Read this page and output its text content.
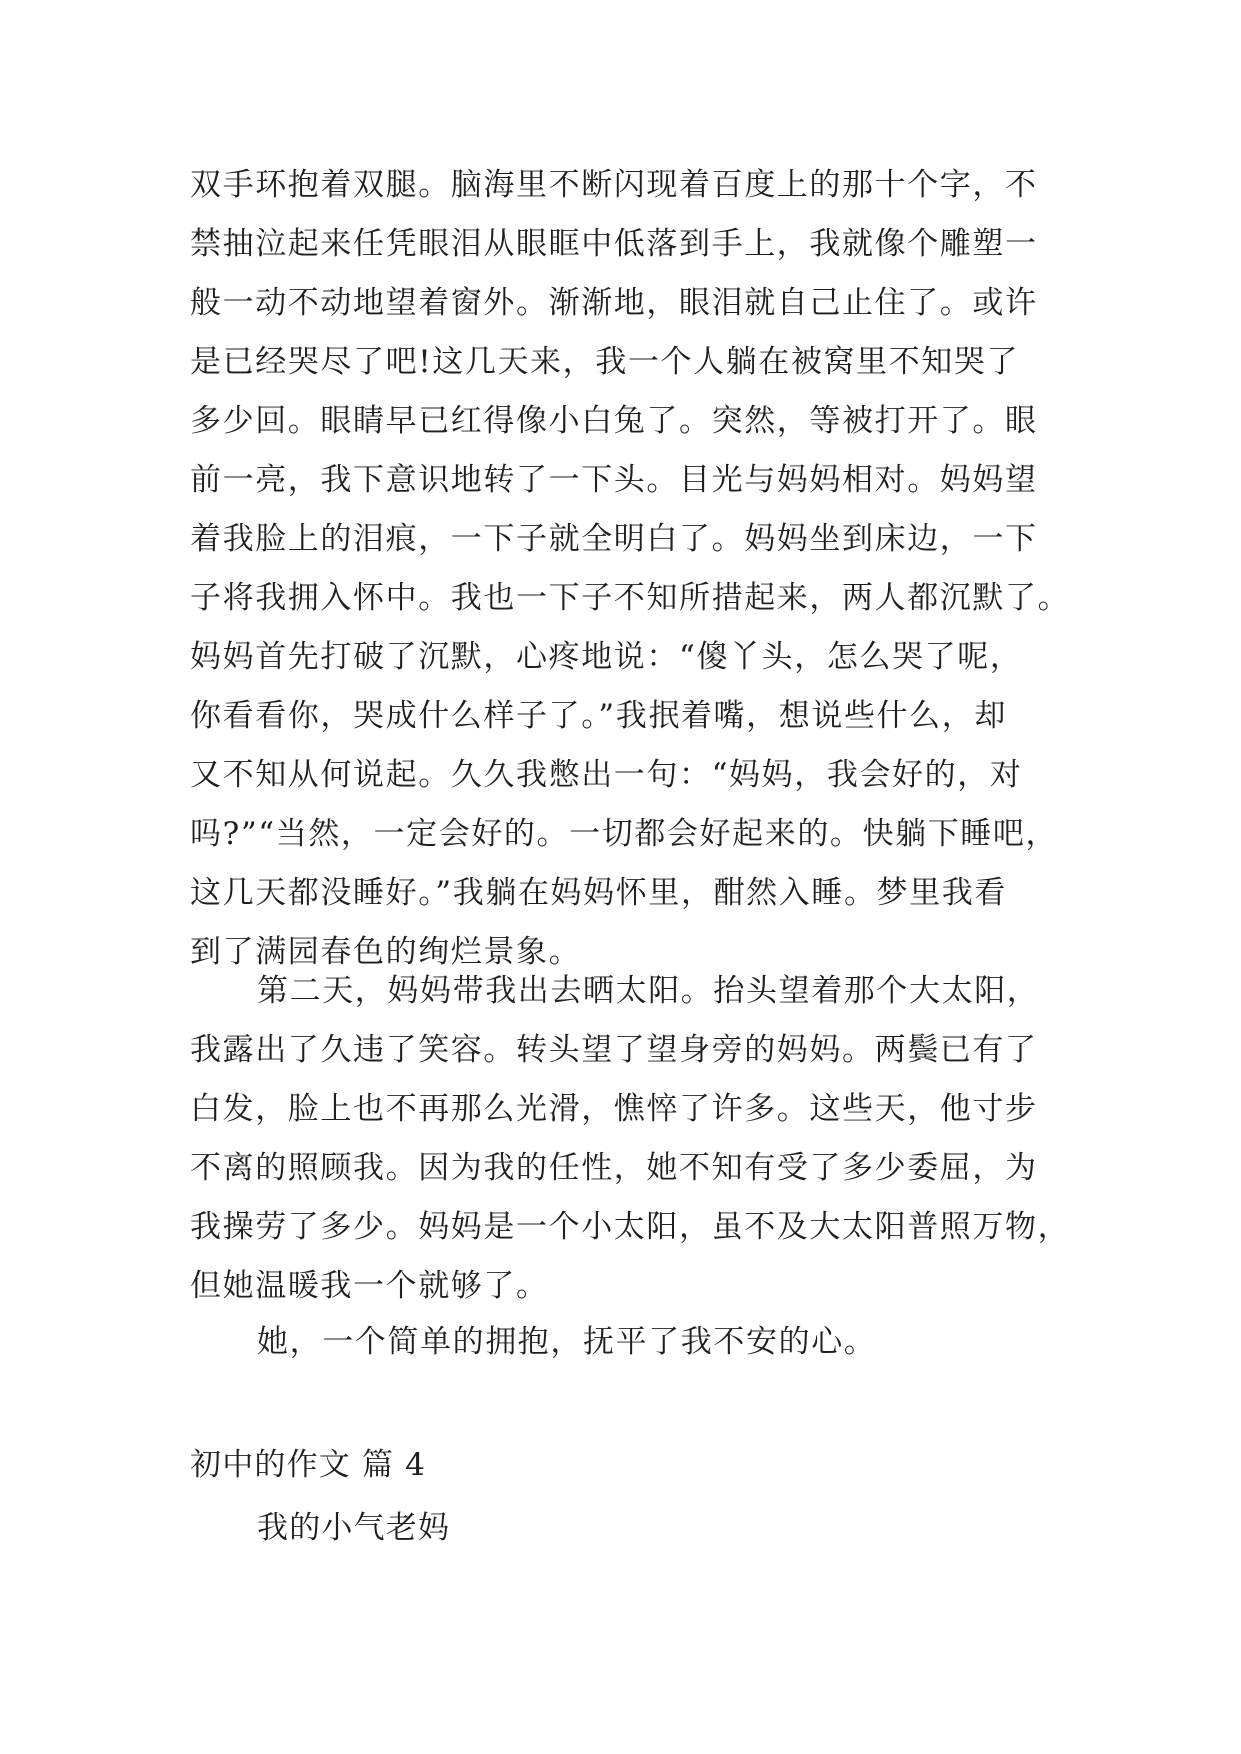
双手环抱着双腿。脑海里不断闪现着百度上的那十个字，不
禁抽泣起来任凭眼泪从眼眶中低落到手上，我就像个雕塑一
般一动不动地望着窗外。渐渐地，眼泪就自己止住了。或许
是已经哭尽了吧!这几天来，我一个人躺在被窝里不知哭了
多少回。眼睛早已红得像小白兔了。突然，等被打开了。眼
前一亮，我下意识地转了一下头。目光与妈妈相对。妈妈望
着我脸上的泪痕，一下子就全明白了。妈妈坐到床边，一下
子将我拥入怀中。我也一下子不知所措起来，两人都沉默了。
妈妈首先打破了沉默，心疼地说：“傻丫头，怎么哭了呢，
你看看你，哭成什么样子了。”我抿着嘴，想说些什么，却
又不知从何说起。久久我憋出一句：“妈妈，我会好的，对
吗?”“当然，一定会好的。一切都会好起来的。快躺下睡吧，
这几天都没睡好。”我躺在妈妈怀里，酣然入睡。梦里我看
到了满园春色的绚烂景象。
第二天，妈妈带我出去晒太阳。抬头望着那个大太阳，
我露出了久违了笑容。转头望了望身旁的妈妈。两鬓已有了
白发，脸上也不再那么光滑，憔悴了许多。这些天，他寸步
不离的照顾我。因为我的任性，她不知有受了多少委屈，为
我操劳了多少。妈妈是一个小太阳，虽不及大太阳普照万物，
但她温暖我一个就够了。
她，一个简单的拥抱，抚平了我不安的心。
初中的作文 篇 4
我的小气老妈
